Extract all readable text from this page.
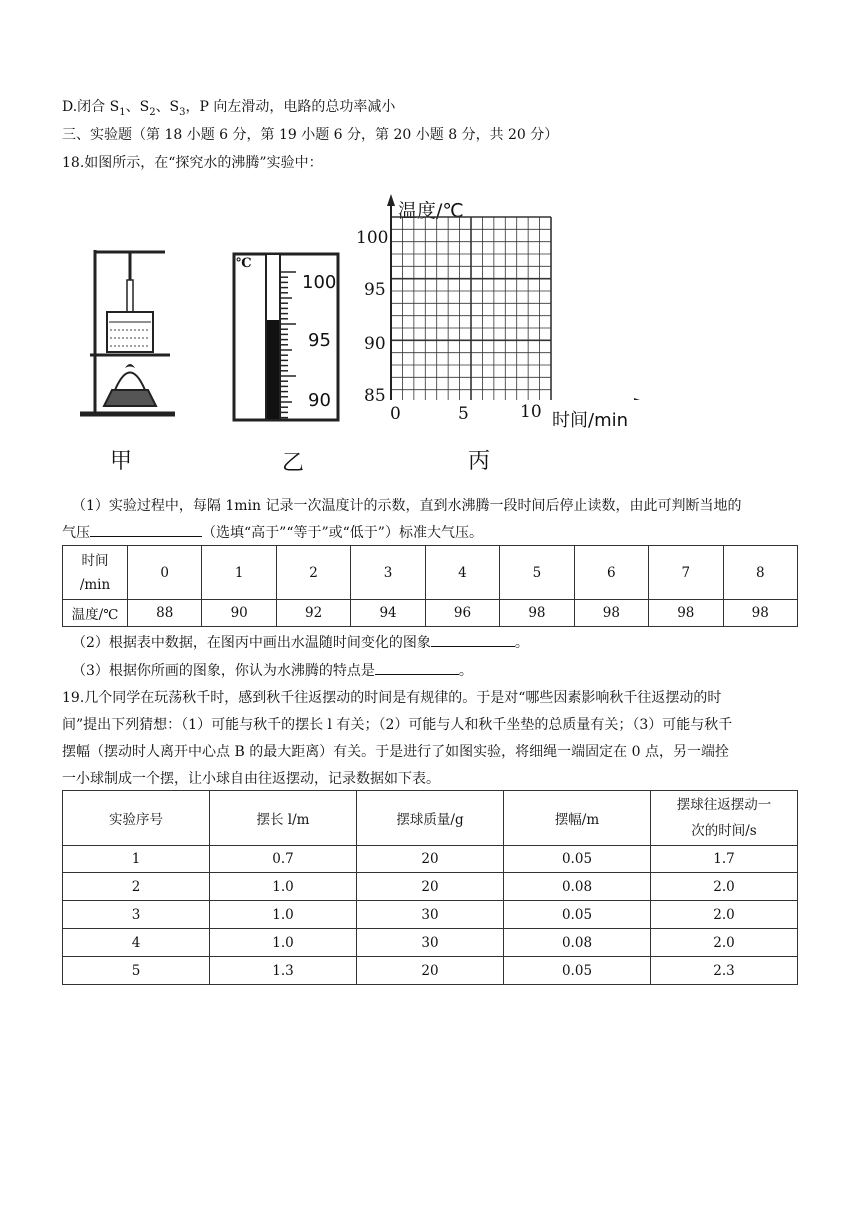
D.闭合 $S_1$、$S_2$、$S_3$，P 向左滑动，电路的总功率减小
三、实验题（第 18 小题 6 分，第 19 小题 6 分，第 20 小题 8 分，共 20 分）
18.如图所示，在“探究水的沸腾”实验中：
甲
℃
100
95
90
乙
温度/℃
100
95
90
85
0	5	10 时间/min
丙
（1）实验过程中，每隔 1min 记录一次温度计的示数，直到水沸腾一段时间后停止读数，由此可判断当地的
气压	（选填“高于”“等于”或“低于”）标准大气压。
时间
/min	0	1	2	3	4	5	6	7	8
温度/℃	88	90	92	94	96	98	98	98	98
（2）根据表中数据，在图丙中画出水温随时间变化的图象	。
（3）根据你所画的图象，你认为水沸腾的特点是	。
19.几个同学在玩荡秋千时，感到秋千往返摆动的时间是有规律的。于是对“哪些因素影响秋千往返摆动的时
间”提出下列猜想：（1）可能与秋千的摆长 l 有关；（2）可能与人和秋千坐垫的总质量有关；（3）可能与秋千
摆幅（摆动时人离开中心点 B 的最大距离）有关。于是进行了如图实验，将细绳一端固定在 0 点，另一端拴
一小球制成一个摆，让小球自由往返摆动，记录数据如下表。
实验序号	摆长 l/m	摆球质量/g	摆幅/m	摆球往返摆动一
次的时间/s
1	0.7	20	0.05	1.7
2	1.0	20	0.08	2.0
3	1.0	30	0.05	2.0
4	1.0	30	0.08	2.0
5	1.3	20	0.05	2.3
